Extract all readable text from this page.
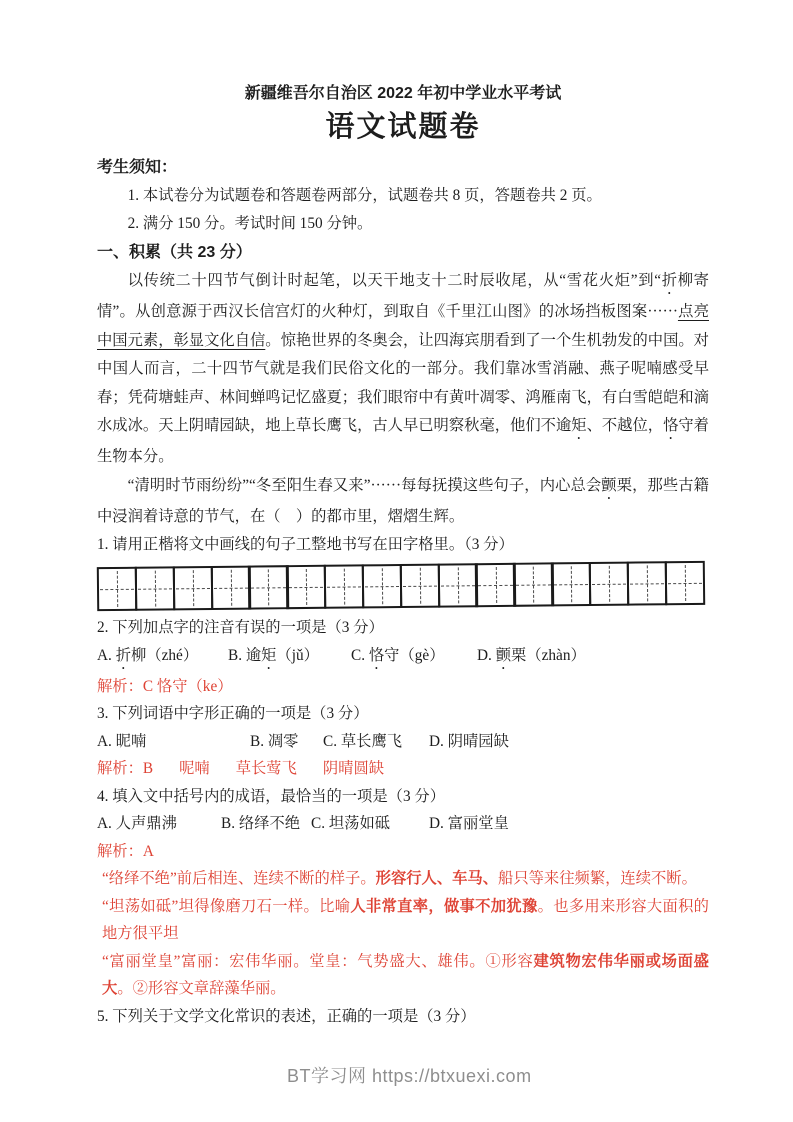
新疆维吾尔自治区 2022 年初中学业水平考试
语文试题卷
考生须知：
1. 本试卷分为试题卷和答题卷两部分，试题卷共 8 页，答题卷共 2 页。
2. 满分 150 分。考试时间 150 分钟。
一、积累（共 23 分）

以传统二十四节气倒计时起笔，以天干地支十二时辰收尾，从“雪花火炬”到“折柳寄情”。从创意源于西汉长信宫灯的火种灯，到取自《千里江山图》的冰场挡板图案······点亮中国元素，彰显文化自信。惊艳世界的冬奥会，让四海宾朋看到了一个生机勃发的中国。对中国人而言，二十四节气就是我们民俗文化的一部分。我们靠冰雪消融、燕子呢喃感受早春；凭荷塘蛙声、林间蝉鸣记忆盛夏；我们眼帘中有黄叶凋零、鸿雁南飞，有白雪皑皑和滴水成冰。天上阴晴园缺，地上草长鹰飞，古人早已明察秋毫，他们不逾矩、不越位，恪守着生物本分。

“清明时节雨纷纷”“冬至阳生春又来”······每每抚摸这些句子，内心总会颤栗，那些古籍中浸润着诗意的节气，在（　）的都市里，熠熠生辉。

1. 请用正楷将文中画线的句子工整地书写在田字格里。（3 分）

2. 下列加点字的注音有误的一项是（3 分）

A. 折柳（zhé）	B. 逾矩（jǔ）	C. 恪守（gè）	D. 颤栗（zhàn）

解析：C 恪守（ke）

3. 下列词语中字形正确的一项是（3 分）

A. 昵喃	B. 凋零	C. 草长鹰飞	D. 阴晴园缺

解析：B 呢喃 草长莺飞 阴晴圆缺

4. 填入文中括号内的成语，最恰当的一项是（3 分）

A. 人声鼎沸	B. 络绎不绝 C. 坦荡如砥	D. 富丽堂皇

解析：A

“络绎不绝”前后相连、连续不断的样子。形容行人、车马、船只等来往频繁，连续不断。

“坦荡如砥”坦得像磨刀石一样。比喻人非常直率，做事不加犹豫。也多用来形容大面积的地方很平坦

“富丽堂皇”富丽：宏伟华丽。堂皇：气势盛大、雄伟。①形容建筑物宏伟华丽或场面盛大。②形容文章辞藻华丽。

5. 下列关于文学文化常识的表述，正确的一项是（3 分）

BT学习网 https://btxuexi.com
